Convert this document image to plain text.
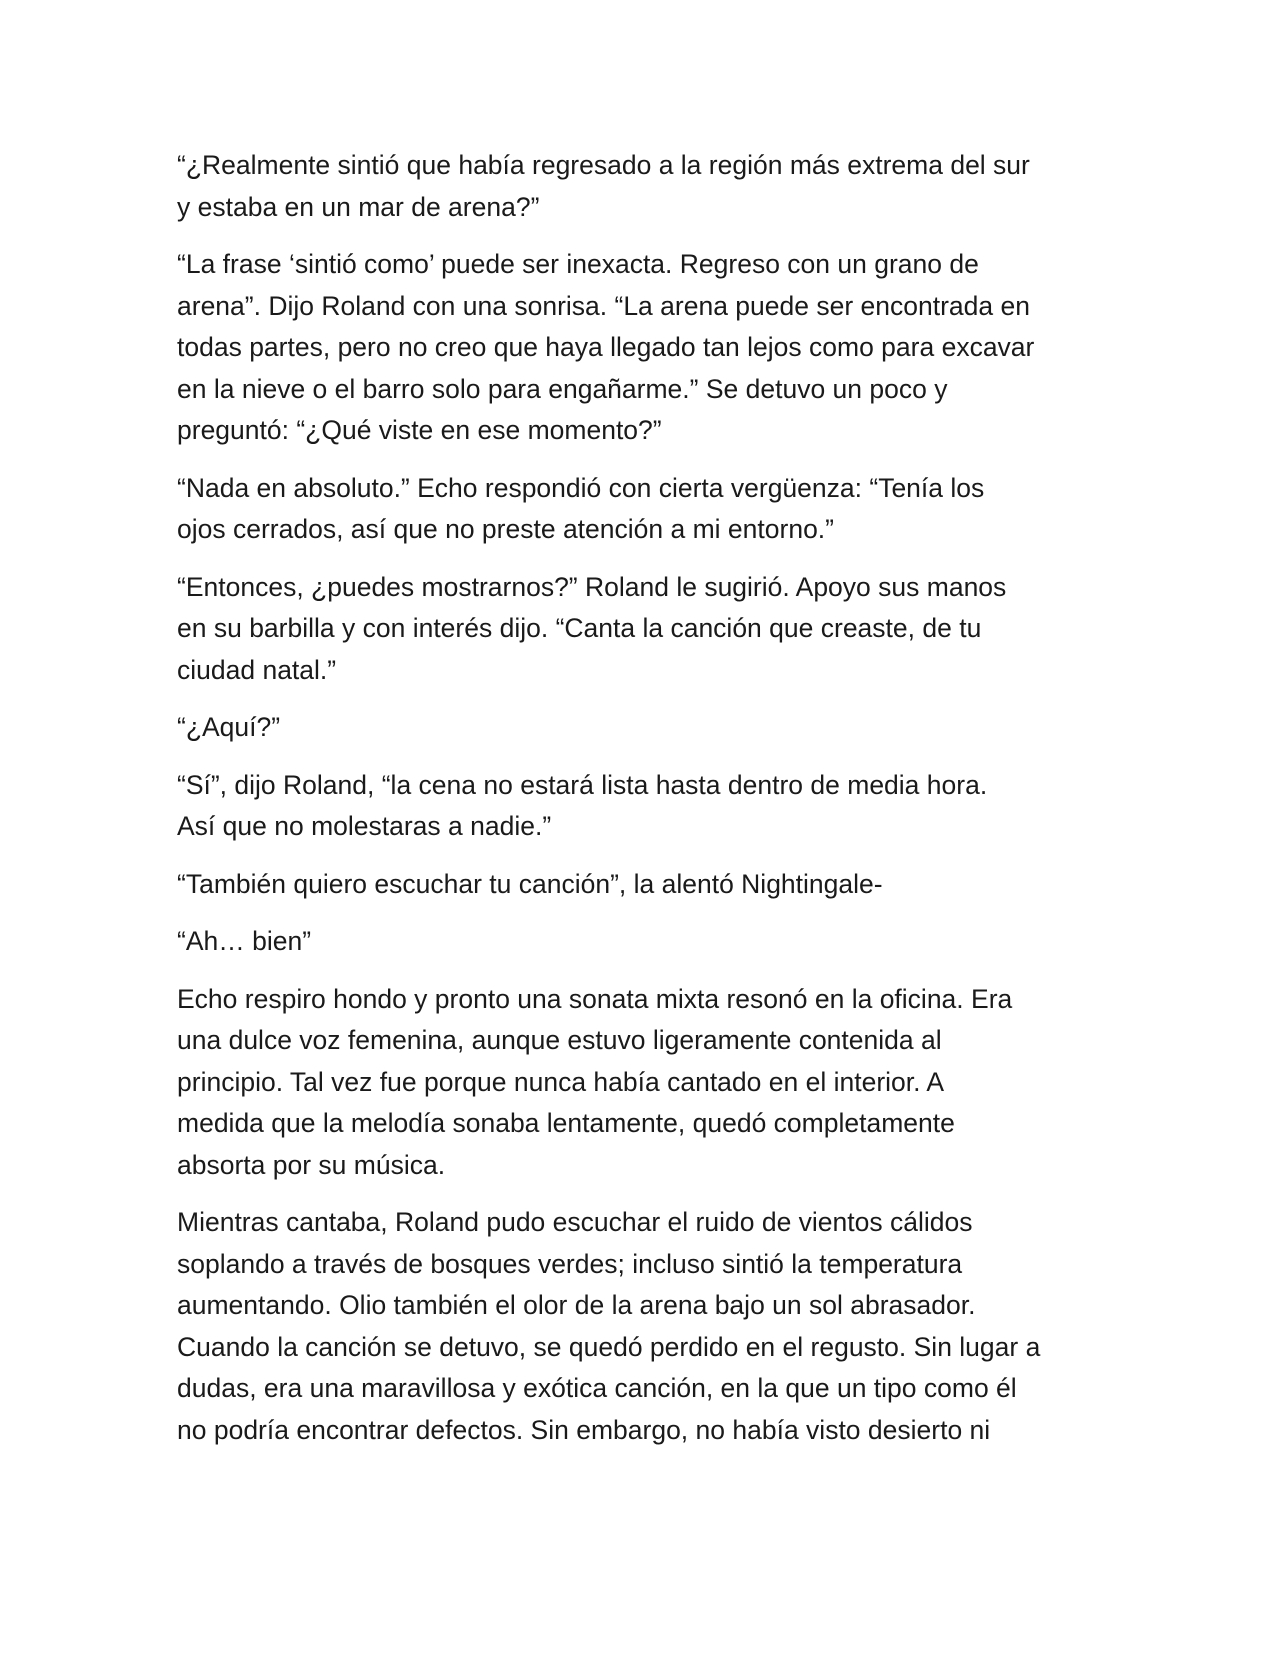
“¿Realmente sintió que había regresado a la región más extrema del sur
y estaba en un mar de arena?”

“La frase ‘sintió como’ puede ser inexacta. Regreso con un grano de
arena”. Dijo Roland con una sonrisa. “La arena puede ser encontrada en
todas partes, pero no creo que haya llegado tan lejos como para excavar
en la nieve o el barro solo para engañarme.” Se detuvo un poco y
preguntó: “¿Qué viste en ese momento?”

“Nada en absoluto.” Echo respondió con cierta vergüenza: “Tenía los
ojos cerrados, así que no preste atención a mi entorno.”

“Entonces, ¿puedes mostrarnos?” Roland le sugirió. Apoyo sus manos
en su barbilla y con interés dijo. “Canta la canción que creaste, de tu
ciudad natal.”

“¿Aquí?”

“Sí”, dijo Roland, “la cena no estará lista hasta dentro de media hora.
Así que no molestaras a nadie.”

“También quiero escuchar tu canción”, la alentó Nightingale-

“Ah… bien”

Echo respiro hondo y pronto una sonata mixta resonó en la oficina. Era
una dulce voz femenina, aunque estuvo ligeramente contenida al
principio. Tal vez fue porque nunca había cantado en el interior. A
medida que la melodía sonaba lentamente, quedó completamente
absorta por su música.

Mientras cantaba, Roland pudo escuchar el ruido de vientos cálidos
soplando a través de bosques verdes; incluso sintió la temperatura
aumentando. Olio también el olor de la arena bajo un sol abrasador.
Cuando la canción se detuvo, se quedó perdido en el regusto. Sin lugar a
dudas, era una maravillosa y exótica canción, en la que un tipo como él
no podría encontrar defectos. Sin embargo, no había visto desierto ni
